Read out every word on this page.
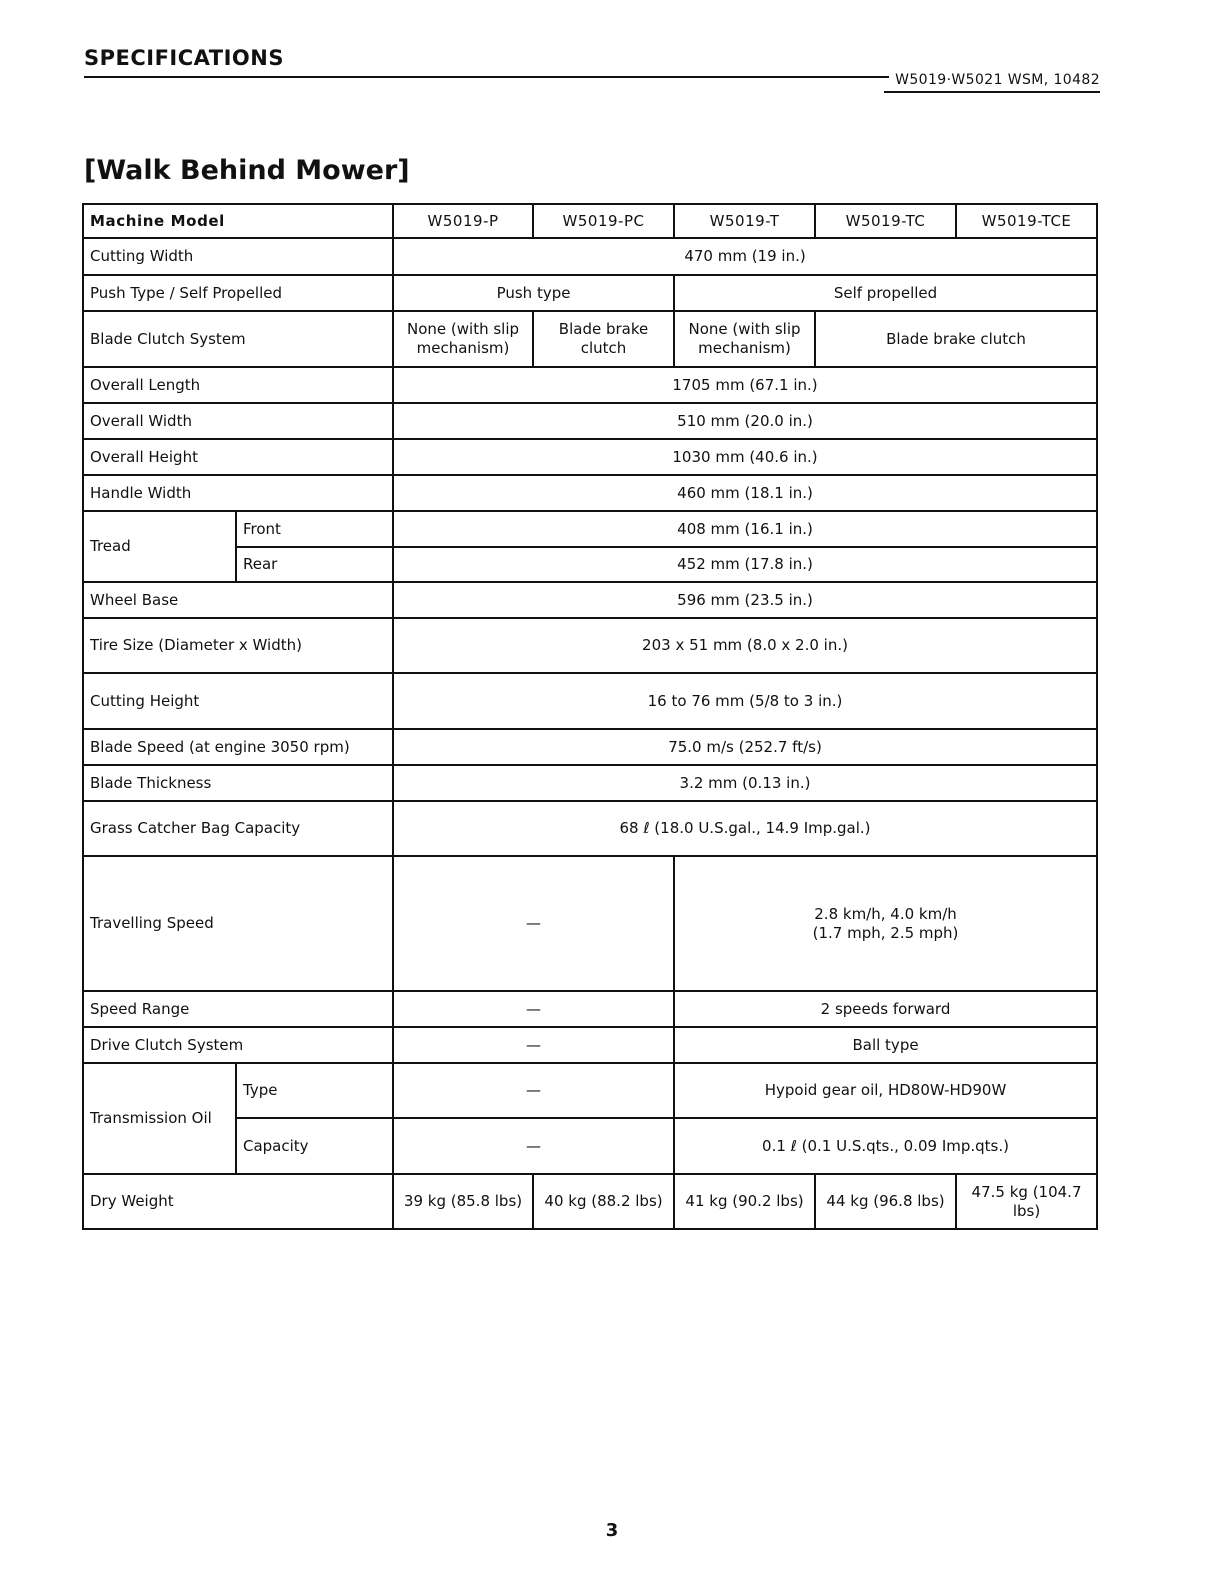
SPECIFICATIONS
W5019·W5021 WSM, 10482
[Walk Behind Mower]
Machine Model		W5019-P	W5019-PC	W5019-T	W5019-TC	W5019-TCE
Cutting Width		470 mm (19 in.)				
Push Type / Self Propelled		Push type		Self propelled		
Blade Clutch System		None (with slip mechanism)	Blade brake clutch	None (with slip mechanism)	Blade brake clutch	
Overall Length		1705 mm (67.1 in.)				
Overall Width		510 mm (20.0 in.)				
Overall Height		1030 mm (40.6 in.)				
Handle Width		460 mm (18.1 in.)				
Tread	Front	408 mm (16.1 in.)				
	Rear	452 mm (17.8 in.)				
Wheel Base		596 mm (23.5 in.)				
Tire Size (Diameter x Width)		203 x 51 mm (8.0 x 2.0 in.)				
Cutting Height		16 to 76 mm (5/8 to 3 in.)				
Blade Speed (at engine 3050 rpm)		75.0 m/s (252.7 ft/s)				
Blade Thickness		3.2 mm (0.13 in.)				
Grass Catcher Bag Capacity		68 ℓ (18.0 U.S.gal., 14.9 Imp.gal.)				
Travelling Speed		—		2.8 km/h, 4.0 km/h
(1.7 mph, 2.5 mph)		

Speed Range		—		2 speeds forward		
Drive Clutch System		—		Ball type		
Transmission Oil	Type	—		Hypoid gear oil, HD80W-HD90W		
	Capacity	—		0.1 ℓ (0.1 U.S.qts., 0.09 Imp.qts.)		
Dry Weight		39 kg (85.8 lbs)	40 kg (88.2 lbs)	41 kg (90.2 lbs)	44 kg (96.8 lbs)	47.5 kg (104.7 lbs)
3
